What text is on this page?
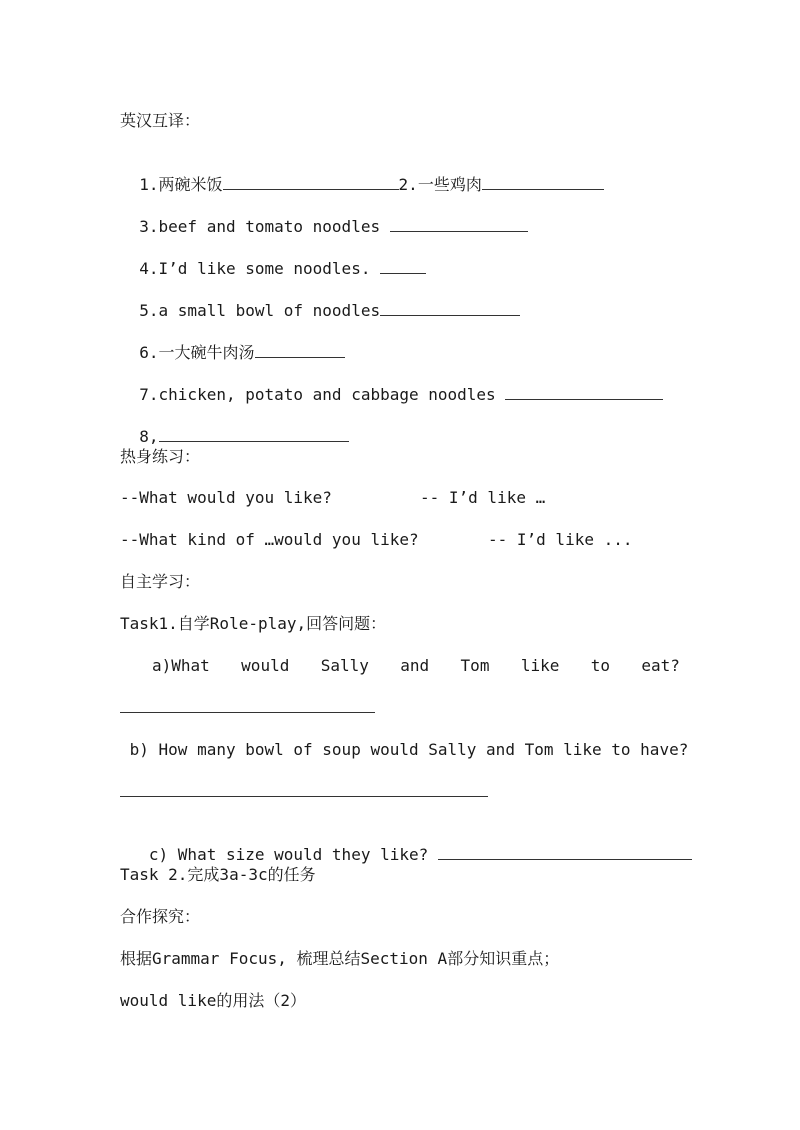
英汉互译：

1.两碗米饭	2.一些鸡肉

3.beef and tomato noodles

4.I’d like some noodles.

5.a small bowl of noodles

6.一大碗牛肉汤

7.chicken, potato and cabbage noodles

8,

热身练习：
--What would you like?	-- I’d like …
--What kind of …would you like?	-- I’d like ...
自主学习：
Task1.自学Role-play,回答问题：
a)What would Sally and Tom like to eat?
b) How many bowl of soup would Sally and Tom like to have?

c) What size would they like?

Task 2.完成3a-3c的任务
合作探究：
根据Grammar Focus, 梳理总结Section A部分知识重点；
would like的用法（2）
